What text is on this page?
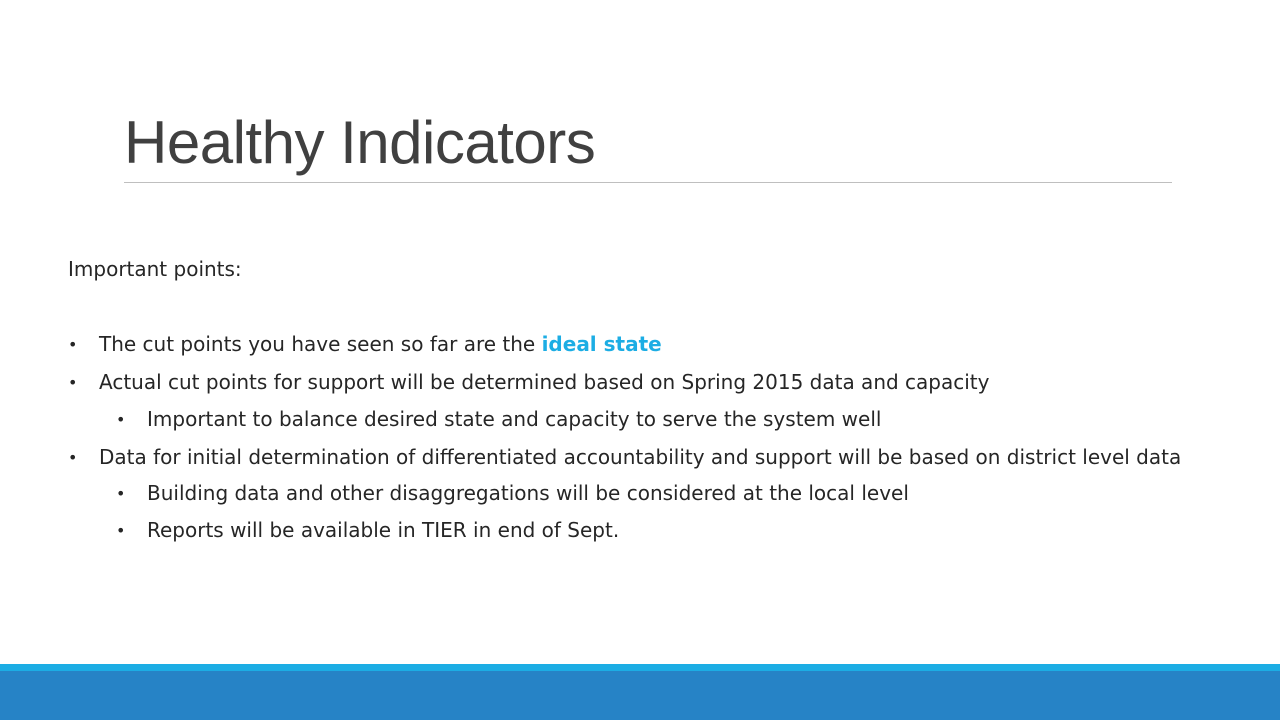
Healthy Indicators

Important points:

• The cut points you have seen so far are the ideal state
• Actual cut points for support will be determined based on Spring 2015 data and capacity
• Important to balance desired state and capacity to serve the system well
• Data for initial determination of differentiated accountability and support will be based on district level data
• Building data and other disaggregations will be considered at the local level
• Reports will be available in TIER in end of Sept.
